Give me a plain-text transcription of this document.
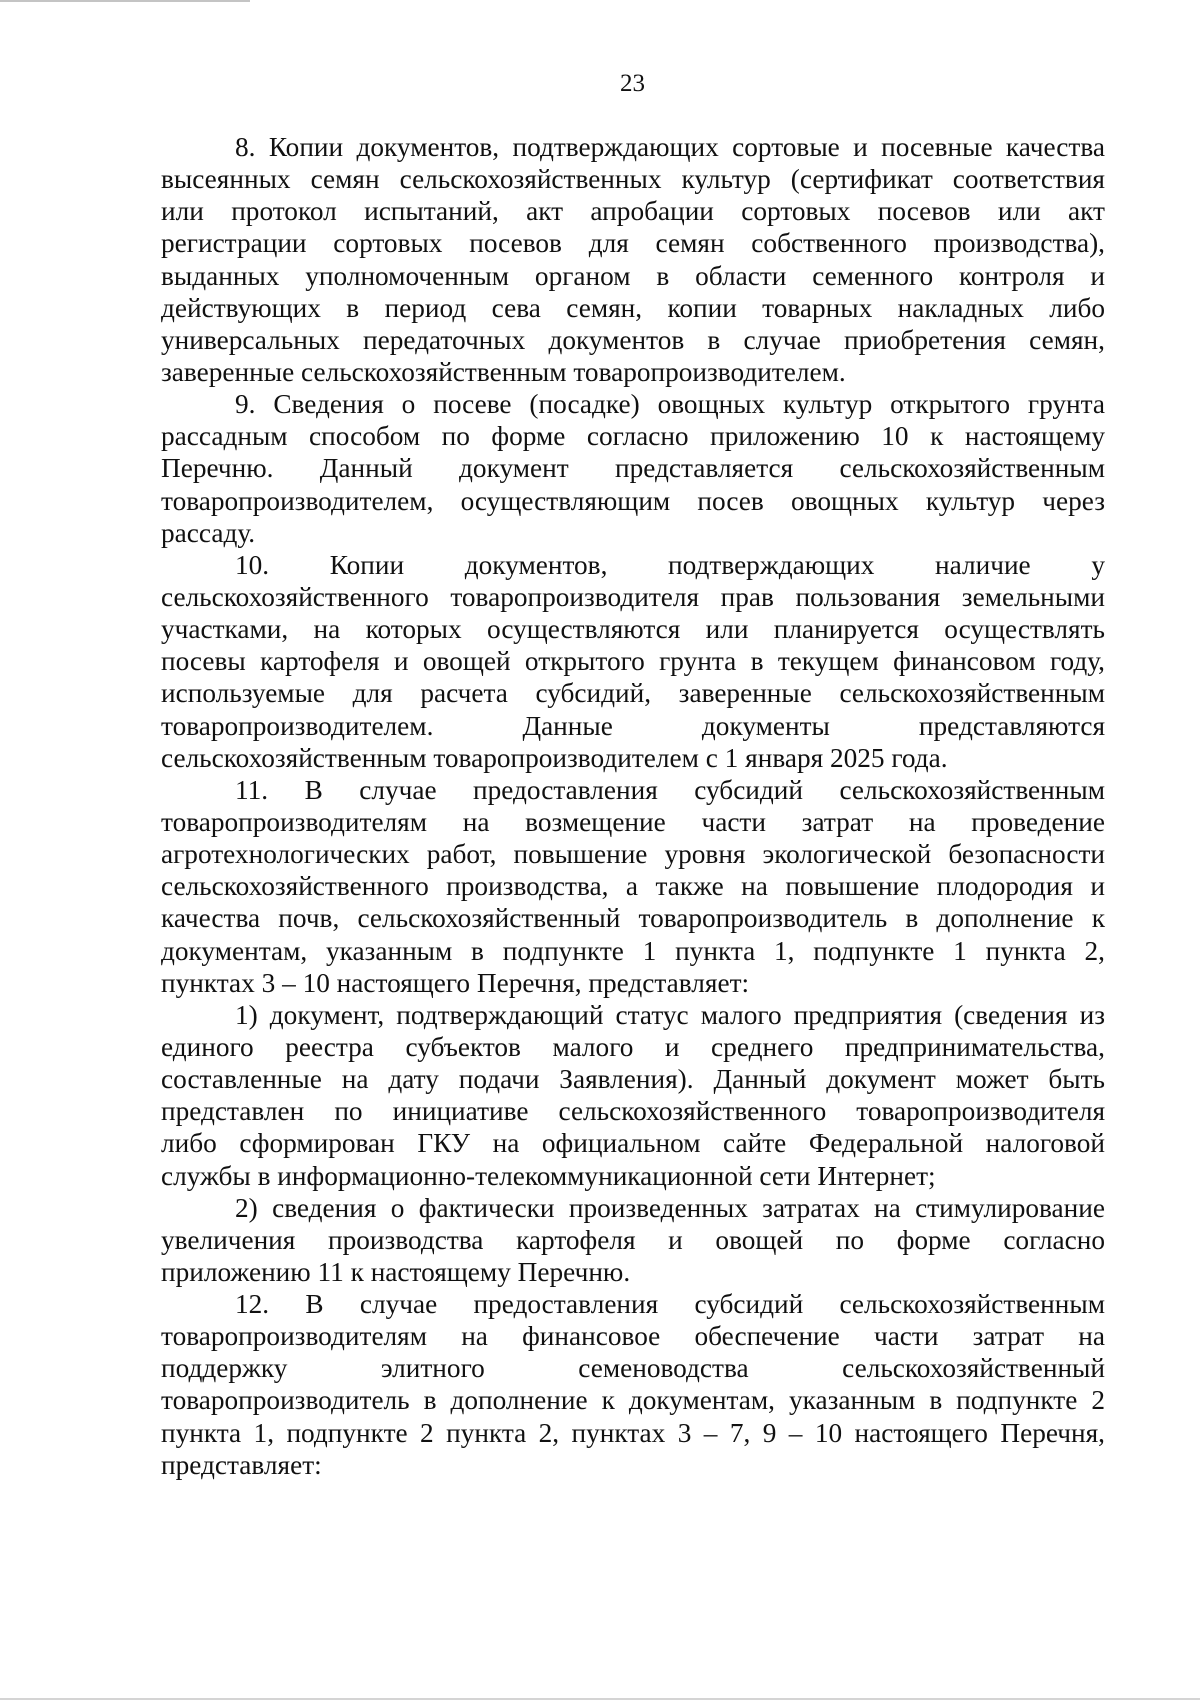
23
8. Копии документов, подтверждающих сортовые и посевные качества
высеянных семян сельскохозяйственных культур (сертификат соответствия
или протокол испытаний, акт апробации сортовых посевов или акт
регистрации сортовых посевов для семян собственного производства),
выданных уполномоченным органом в области семенного контроля и
действующих в период сева семян, копии товарных накладных либо
универсальных передаточных документов в случае приобретения семян,
заверенные сельскохозяйственным товаропроизводителем.
9. Сведения о посеве (посадке) овощных культур открытого грунта
рассадным способом по форме согласно приложению 10 к настоящему
Перечню. Данный документ представляется сельскохозяйственным
товаропроизводителем, осуществляющим посев овощных культур через
рассаду.
10. Копии документов, подтверждающих наличие у
сельскохозяйственного товаропроизводителя прав пользования земельными
участками, на которых осуществляются или планируется осуществлять
посевы картофеля и овощей открытого грунта в текущем финансовом году,
используемые для расчета субсидий, заверенные сельскохозяйственным
товаропроизводителем. Данные документы представляются
сельскохозяйственным товаропроизводителем с 1 января 2025 года.
11. В случае предоставления субсидий сельскохозяйственным
товаропроизводителям на возмещение части затрат на проведение
агротехнологических работ, повышение уровня экологической безопасности
сельскохозяйственного производства, а также на повышение плодородия и
качества почв, сельскохозяйственный товаропроизводитель в дополнение к
документам, указанным в подпункте 1 пункта 1, подпункте 1 пункта 2,
пунктах 3 – 10 настоящего Перечня, представляет:
1) документ, подтверждающий статус малого предприятия (сведения из
единого реестра субъектов малого и среднего предпринимательства,
составленные на дату подачи Заявления). Данный документ может быть
представлен по инициативе сельскохозяйственного товаропроизводителя
либо сформирован ГКУ на официальном сайте Федеральной налоговой
службы в информационно-телекоммуникационной сети Интернет;
2) сведения о фактически произведенных затратах на стимулирование
увеличения производства картофеля и овощей по форме согласно
приложению 11 к настоящему Перечню.
12. В случае предоставления субсидий сельскохозяйственным
товаропроизводителям на финансовое обеспечение части затрат на
поддержку элитного семеноводства сельскохозяйственный
товаропроизводитель в дополнение к документам, указанным в подпункте 2
пункта 1, подпункте 2 пункта 2, пунктах 3 – 7, 9 – 10 настоящего Перечня,
представляет:
